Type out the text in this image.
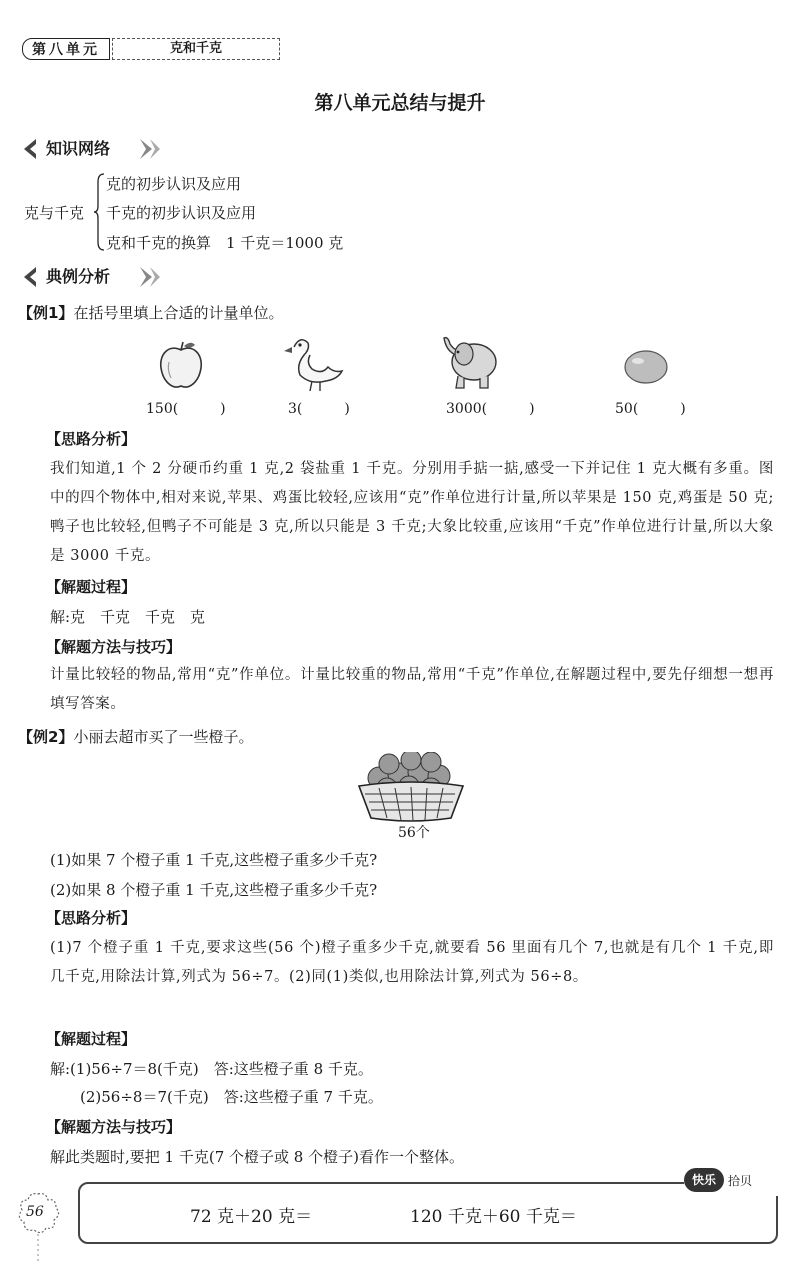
第八单元	克和千克
第八单元总结与提升
知识网络
克与千克
克的初步认识及应用
千克的初步认识及应用
克和千克的换算　1 千克＝1000 克
典例分析
【例1】在括号里填上合适的计量单位。
150(　　　)	3(　　　)	3000(　　　)	50(　　　)
【思路分析】
我们知道,1 个 2 分硬币约重 1 克,2 袋盐重 1 千克。分别用手掂一掂,感受一下并记住 1 克大概有多重。图中的四个物体中,相对来说,苹果、鸡蛋比较轻,应该用“克”作单位进行计量,所以苹果是 150 克,鸡蛋是 50 克;鸭子也比较轻,但鸭子不可能是 3 克,所以只能是 3 千克;大象比较重,应该用“千克”作单位进行计量,所以大象是 3000 千克。
【解题过程】
解:克　千克　千克　克
【解题方法与技巧】
计量比较轻的物品,常用“克”作单位。计量比较重的物品,常用“千克”作单位,在解题过程中,要先仔细想一想再填写答案。
【例2】小丽去超市买了一些橙子。
56个
(1)如果 7 个橙子重 1 千克,这些橙子重多少千克?
(2)如果 8 个橙子重 1 千克,这些橙子重多少千克?
【思路分析】
(1)7 个橙子重 1 千克,要求这些(56 个)橙子重多少千克,就要看 56 里面有几个 7,也就是有几个 1 千克,即几千克,用除法计算,列式为 56÷7。(2)同(1)类似,也用除法计算,列式为 56÷8。
【解题过程】
解:(1)56÷7＝8(千克)　答:这些橙子重 8 千克。
(2)56÷8＝7(千克)　答:这些橙子重 7 千克。
【解题方法与技巧】
解此类题时,要把 1 千克(7 个橙子或 8 个橙子)看作一个整体。
56	72 克＋20 克＝	120 千克＋60 千克＝
快乐	拾贝
